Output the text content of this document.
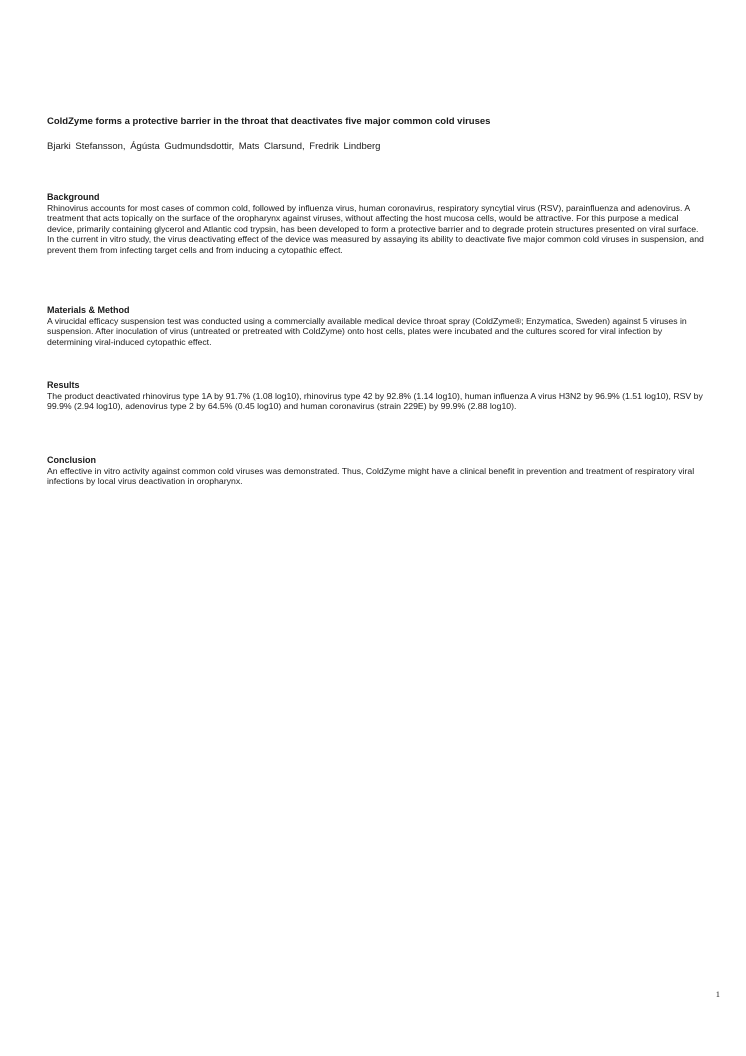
ColdZyme forms a protective barrier in the throat that deactivates five major common cold viruses
Bjarki Stefansson, Ágústa Gudmundsdottir, Mats Clarsund, Fredrik Lindberg
Background

Rhinovirus accounts for most cases of common cold, followed by influenza virus, human coronavirus, respiratory syncytial virus (RSV), parainfluenza and adenovirus. A treatment that acts topically on the surface of the oropharynx against viruses, without affecting the host mucosa cells, would be attractive. For this purpose a medical device, primarily containing glycerol and Atlantic cod trypsin, has been developed to form a protective barrier and to degrade protein structures presented on viral surface. In the current in vitro study, the virus deactivating effect of the device was measured by assaying its ability to deactivate five major common cold viruses in suspension, and prevent them from infecting target cells and from inducing a cytopathic effect.

Materials & Method

A virucidal efficacy suspension test was conducted using a commercially available medical device throat spray (ColdZyme®; Enzymatica, Sweden) against 5 viruses in suspension. After inoculation of virus (untreated or pretreated with ColdZyme) onto host cells, plates were incubated and the cultures scored for viral infection by determining viral-induced cytopathic effect.

Results

The product deactivated rhinovirus type 1A by 91.7% (1.08 log10), rhinovirus type 42 by 92.8% (1.14 log10), human influenza A virus H3N2 by 96.9% (1.51 log10), RSV by 99.9% (2.94 log10), adenovirus type 2 by 64.5% (0.45 log10) and human coronavirus (strain 229E) by 99.9% (2.88 log10).

Conclusion

An effective in vitro activity against common cold viruses was demonstrated. Thus, ColdZyme might have a clinical benefit in prevention and treatment of respiratory viral infections by local virus deactivation in oropharynx.

1
